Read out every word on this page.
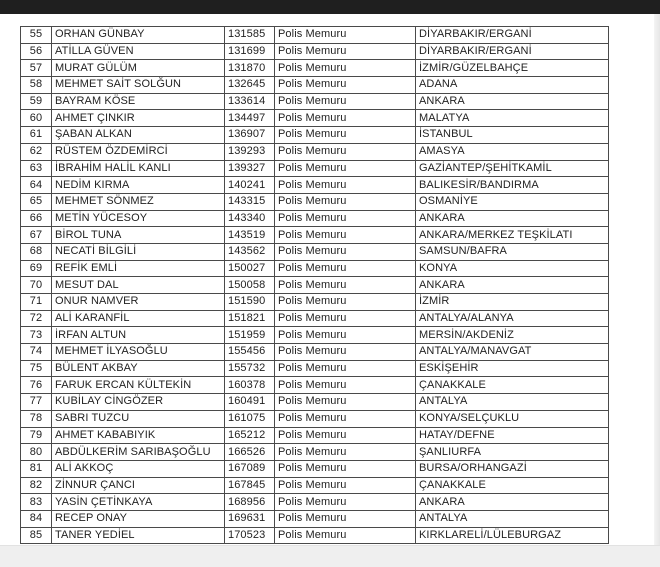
55	ORHAN GÜNBAY	131585	Polis Memuru	DİYARBAKIR/ERGANİ
56	ATİLLA GÜVEN	131699	Polis Memuru	DİYARBAKIR/ERGANİ
57	MURAT GÜLÜM	131870	Polis Memuru	İZMİR/GÜZELBAHÇE
58	MEHMET SAİT SOLĞUN	132645	Polis Memuru	ADANA
59	BAYRAM KÖSE	133614	Polis Memuru	ANKARA
60	AHMET ÇINKIR	134497	Polis Memuru	MALATYA
61	ŞABAN ALKAN	136907	Polis Memuru	İSTANBUL
62	RÜSTEM ÖZDEMİRCİ	139293	Polis Memuru	AMASYA
63	İBRAHİM HALİL KANLI	139327	Polis Memuru	GAZİANTEP/ŞEHİTKAMİL
64	NEDİM KIRMA	140241	Polis Memuru	BALIKESİR/BANDIRMA
65	MEHMET SÖNMEZ	143315	Polis Memuru	OSMANİYE
66	METİN YÜCESOY	143340	Polis Memuru	ANKARA
67	BİROL TUNA	143519	Polis Memuru	ANKARA/MERKEZ TEŞKİLATI
68	NECATİ BİLGİLİ	143562	Polis Memuru	SAMSUN/BAFRA
69	REFİK EMLİ	150027	Polis Memuru	KONYA
70	MESUT DAL	150058	Polis Memuru	ANKARA
71	ONUR NAMVER	151590	Polis Memuru	İZMİR
72	ALİ KARANFİL	151821	Polis Memuru	ANTALYA/ALANYA
73	İRFAN ALTUN	151959	Polis Memuru	MERSİN/AKDENİZ
74	MEHMET İLYASOĞLU	155456	Polis Memuru	ANTALYA/MANAVGAT
75	BÜLENT AKBAY	155732	Polis Memuru	ESKİŞEHİR
76	FARUK ERCAN KÜLTEKİN	160378	Polis Memuru	ÇANAKKALE
77	KUBİLAY CİNGÖZER	160491	Polis Memuru	ANTALYA
78	SABRI TUZCU	161075	Polis Memuru	KONYA/SELÇUKLU
79	AHMET KABABIYIK	165212	Polis Memuru	HATAY/DEFNE
80	ABDÜLKERİM SARIBAŞOĞLU	166526	Polis Memuru	ŞANLIURFA
81	ALİ AKKOÇ	167089	Polis Memuru	BURSA/ORHANGAZİ
82	ZİNNUR ÇANCI	167845	Polis Memuru	ÇANAKKALE
83	YASİN ÇETİNKAYA	168956	Polis Memuru	ANKARA
84	RECEP ONAY	169631	Polis Memuru	ANTALYA
85	TANER YEDİEL	170523	Polis Memuru	KIRKLARELİ/LÜLEBURGAZ
